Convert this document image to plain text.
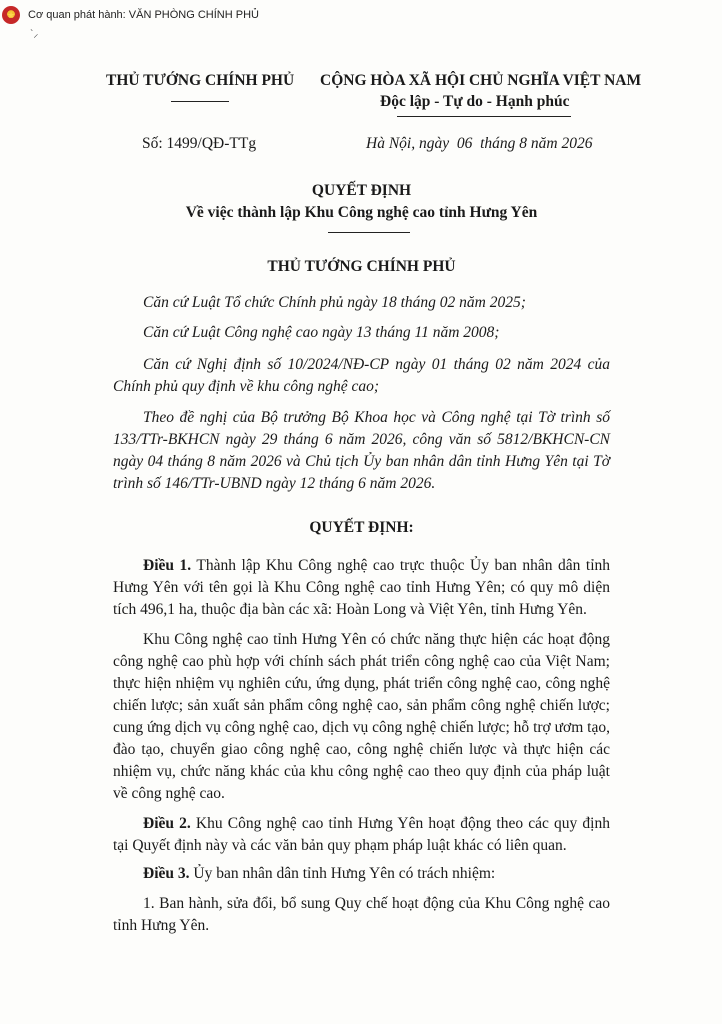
★	Cơ quan phát hành: VĂN PHÒNG CHÍNH PHỦ
`⸝
THỦ TƯỚNG CHÍNH PHỦ CỘNG HÒA XÃ HỘI CHỦ NGHĨA VIỆT NAM
Độc lập - Tự do - Hạnh phúc
Số: 1499/QĐ-TTg	Hà Nội, ngày  06  tháng 8 năm 2026
QUYẾT ĐỊNH
Về việc thành lập Khu Công nghệ cao tỉnh Hưng Yên
THỦ TƯỚNG CHÍNH PHỦ

Căn cứ Luật Tổ chức Chính phủ ngày 18 tháng 02 năm 2025;

Căn cứ Luật Công nghệ cao ngày 13 tháng 11 năm 2008;

Căn cứ Nghị định số 10/2024/NĐ-CP ngày 01 tháng 02 năm 2024 của Chính phủ quy định về khu công nghệ cao;

Theo đề nghị của Bộ trưởng Bộ Khoa học và Công nghệ tại Tờ trình số 133/TTr-BKHCN ngày 29 tháng 6 năm 2026, công văn số 5812/BKHCN-CN ngày 04 tháng 8 năm 2026 và Chủ tịch Ủy ban nhân dân tỉnh Hưng Yên tại Tờ trình số 146/TTr-UBND ngày 12 tháng 6 năm 2026.

QUYẾT ĐỊNH:

Điều 1. Thành lập Khu Công nghệ cao trực thuộc Ủy ban nhân dân tỉnh Hưng Yên với tên gọi là Khu Công nghệ cao tỉnh Hưng Yên; có quy mô diện tích 496,1 ha, thuộc địa bàn các xã: Hoàn Long và Việt Yên, tỉnh Hưng Yên.

Khu Công nghệ cao tỉnh Hưng Yên có chức năng thực hiện các hoạt động công nghệ cao phù hợp với chính sách phát triển công nghệ cao của Việt Nam; thực hiện nhiệm vụ nghiên cứu, ứng dụng, phát triển công nghệ cao, công nghệ chiến lược; sản xuất sản phẩm công nghệ cao, sản phẩm công nghệ chiến lược; cung ứng dịch vụ công nghệ cao, dịch vụ công nghệ chiến lược; hỗ trợ ươm tạo, đào tạo, chuyển giao công nghệ cao, công nghệ chiến lược và thực hiện các nhiệm vụ, chức năng khác của khu công nghệ cao theo quy định của pháp luật về công nghệ cao.

Điều 2. Khu Công nghệ cao tỉnh Hưng Yên hoạt động theo các quy định tại Quyết định này và các văn bản quy phạm pháp luật khác có liên quan.

Điều 3. Ủy ban nhân dân tỉnh Hưng Yên có trách nhiệm:

1. Ban hành, sửa đổi, bổ sung Quy chế hoạt động của Khu Công nghệ cao tỉnh Hưng Yên.
